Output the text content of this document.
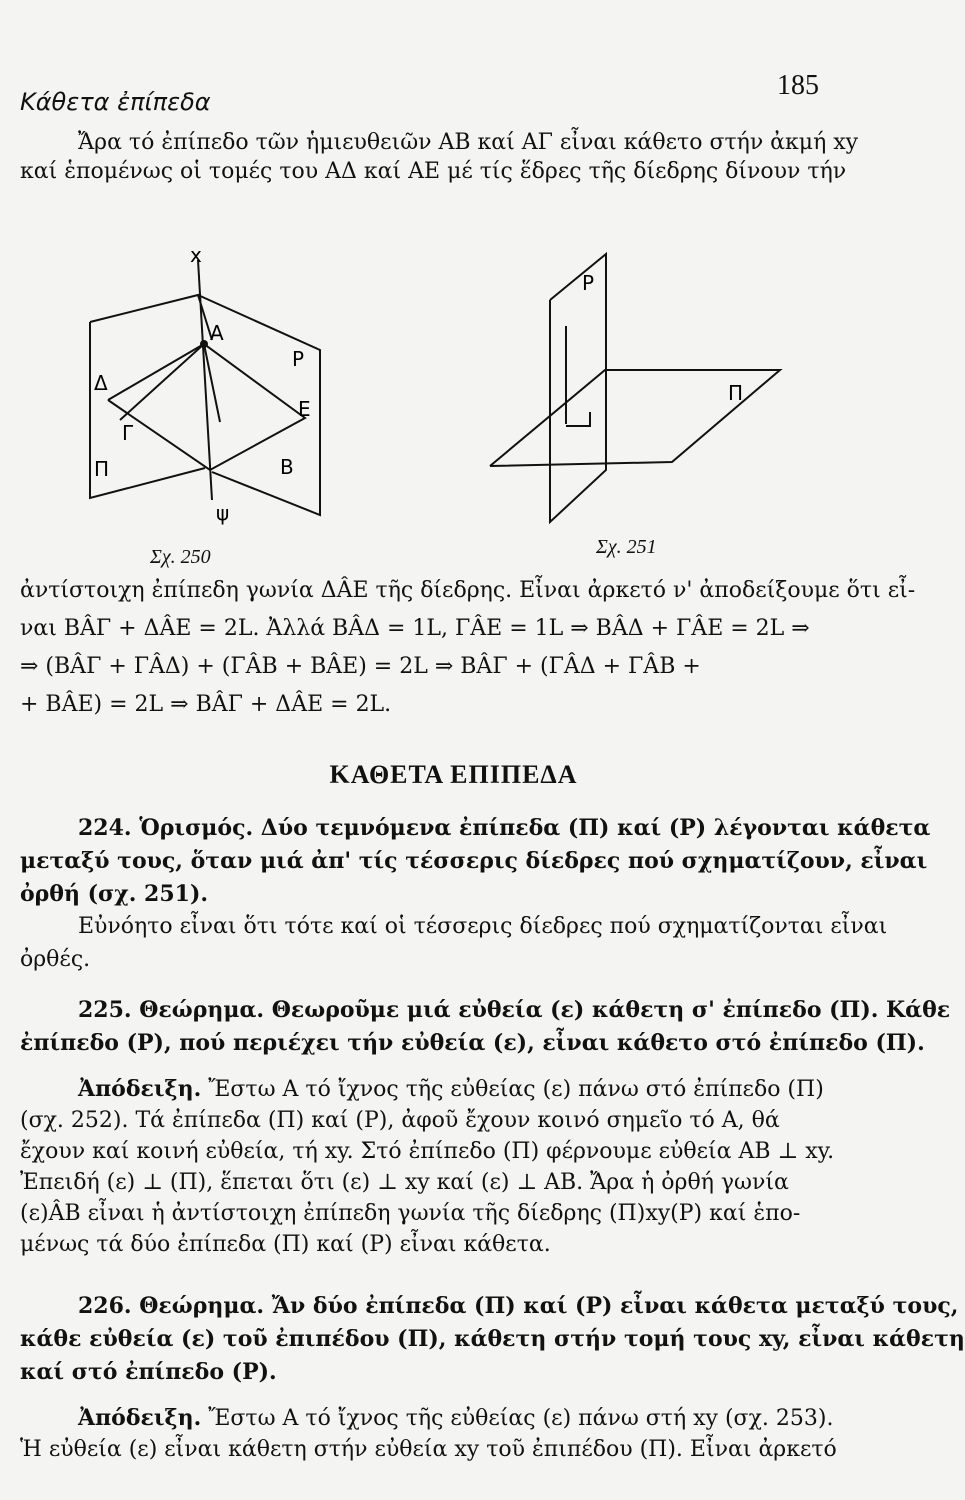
Κάθετα ἐπίπεδα
185
Ἄρα τό ἐπίπεδο τῶν ἡμιευθειῶν ΑΒ καί ΑΓ εἶναι κάθετο στήν ἀκμή xy
καί ἑπομένως οἱ τομές του ΑΔ καί ΑΕ μέ τίς ἕδρες τῆς δίεδρης δίνουν τήν
x
A
P
Δ
E
Γ
B
Π
ψ
Σχ. 250
P
Π
Σχ. 251
ἀντίστοιχη ἐπίπεδη γωνία ΔÂΕ τῆς δίεδρης. Εἶναι ἀρκετό ν' ἀποδείξουμε ὅτι εἶ-
ναι ΒÂΓ + ΔÂΕ = 2L. Ἀλλά ΒÂΔ = 1L, ΓÂΕ = 1L ⇒ ΒÂΔ + ΓÂΕ = 2L ⇒
⇒ (ΒÂΓ + ΓÂΔ) + (ΓÂΒ + ΒÂΕ) = 2L ⇒ ΒÂΓ + (ΓÂΔ + ΓÂΒ +
+ ΒÂΕ) = 2L ⇒ ΒÂΓ + ΔÂΕ = 2L.
ΚΑΘΕΤΑ ΕΠΙΠΕΔΑ
224. Ὁρισμός. Δύο τεμνόμενα ἐπίπεδα (Π) καί (Ρ) λέγονται κάθετα
μεταξύ τους, ὅταν μιά ἀπ' τίς τέσσερις δίεδρες πού σχηματίζουν, εἶναι
ὀρθή (σχ. 251).
Εὐνόητο εἶναι ὅτι τότε καί οἱ τέσσερις δίεδρες πού σχηματίζονται εἶναι
ὀρθές.
225. Θεώρημα. Θεωροῦμε μιά εὐθεία (ε) κάθετη σ' ἐπίπεδο (Π). Κάθε
ἐπίπεδο (Ρ), πού περιέχει τήν εὐθεία (ε), εἶναι κάθετο στό ἐπίπεδο (Π).
Ἀπόδειξη. Ἔστω Α τό ἴχνος τῆς εὐθείας (ε) πάνω στό ἐπίπεδο (Π)
(σχ. 252). Τά ἐπίπεδα (Π) καί (Ρ), ἀφοῦ ἔχουν κοινό σημεῖο τό Α, θά
ἔχουν καί κοινή εὐθεία, τή xy. Στό ἐπίπεδο (Π) φέρνουμε εὐθεία ΑΒ ⊥ xy.
Ἐπειδή (ε) ⊥ (Π), ἕπεται ὅτι (ε) ⊥ xy καί (ε) ⊥ ΑΒ. Ἄρα ἡ ὀρθή γωνία
(ε)ÂΒ εἶναι ἡ ἀντίστοιχη ἐπίπεδη γωνία τῆς δίεδρης (Π)xy(Ρ) καί ἑπο-
μένως τά δύο ἐπίπεδα (Π) καί (Ρ) εἶναι κάθετα.
226. Θεώρημα. Ἄν δύο ἐπίπεδα (Π) καί (Ρ) εἶναι κάθετα μεταξύ τους,
κάθε εὐθεία (ε) τοῦ ἐπιπέδου (Π), κάθετη στήν τομή τους xy, εἶναι κάθετη
καί στό ἐπίπεδο (Ρ).
Ἀπόδειξη. Ἔστω Α τό ἴχνος τῆς εὐθείας (ε) πάνω στή xy (σχ. 253).
Ἡ εὐθεία (ε) εἶναι κάθετη στήν εὐθεία xy τοῦ ἐπιπέδου (Π). Εἶναι ἀρκετό
